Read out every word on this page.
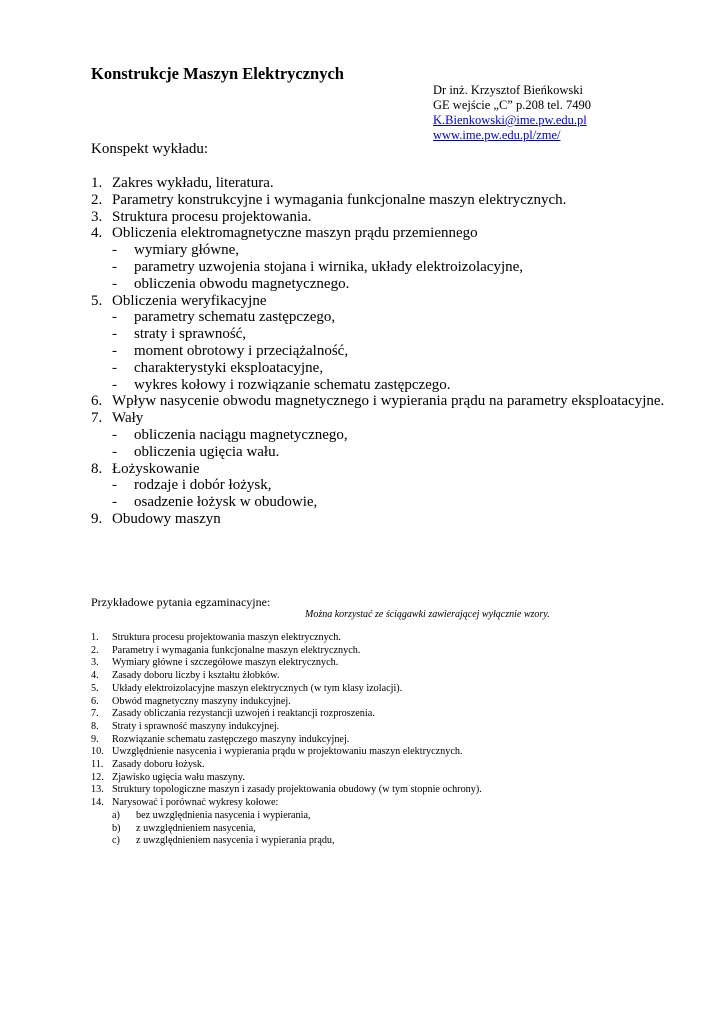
Konstrukcje Maszyn Elektrycznych
Dr inż. Krzysztof Bieńkowski
GE wejście „C” p.208 tel. 7490
K.Bienkowski@ime.pw.edu.pl
www.ime.pw.edu.pl/zme/
Konspekt wykładu:
1. Zakres wykładu, literatura.
2. Parametry konstrukcyjne i wymagania funkcjonalne maszyn elektrycznych.
3. Struktura procesu projektowania.
4. Obliczenia elektromagnetyczne maszyn prądu przemiennego
- wymiary główne,
- parametry uzwojenia stojana i wirnika, układy elektroizolacyjne,
- obliczenia obwodu magnetycznego.
5. Obliczenia weryfikacyjne
- parametry schematu zastępczego,
- straty i sprawność,
- moment obrotowy i przeciążalność,
- charakterystyki eksploatacyjne,
- wykres kołowy i rozwiązanie schematu zastępczego.
6. Wpływ nasycenie obwodu magnetycznego i wypierania prądu na parametry eksploatacyjne.
7. Wały
- obliczenia naciągu magnetycznego,
- obliczenia ugięcia wału.
8. Łożyskowanie
- rodzaje i dobór łożysk,
- osadzenie łożysk w obudowie,
9. Obudowy maszyn
Przykładowe pytania egzaminacyjne:
Można korzystać ze ściągawki zawierającej wyłącznie wzory.
1. Struktura procesu projektowania maszyn elektrycznych.
2. Parametry i wymagania funkcjonalne maszyn elektrycznych.
3. Wymiary główne i szczegółowe maszyn elektrycznych.
4. Zasady doboru liczby i kształtu żłobków.
5. Układy elektroizolacyjne maszyn elektrycznych (w tym klasy izolacji).
6. Obwód magnetyczny maszyny indukcyjnej.
7. Zasady obliczania rezystancji uzwojeń i reaktancji rozproszenia.
8. Straty i sprawność maszyny indukcyjnej.
9. Rozwiązanie schematu zastępczego maszyny indukcyjnej.
10. Uwzględnienie nasycenia i wypierania prądu w projektowaniu maszyn elektrycznych.
11. Zasady doboru łożysk.
12. Zjawisko ugięcia wału maszyny.
13. Struktury topologiczne maszyn i zasady projektowania obudowy (w tym stopnie ochrony).
14. Narysować i porównać wykresy kołowe:
a) bez uwzględnienia nasycenia i wypierania,
b) z uwzględnieniem nasycenia,
c) z uwzględnieniem nasycenia i wypierania prądu,
